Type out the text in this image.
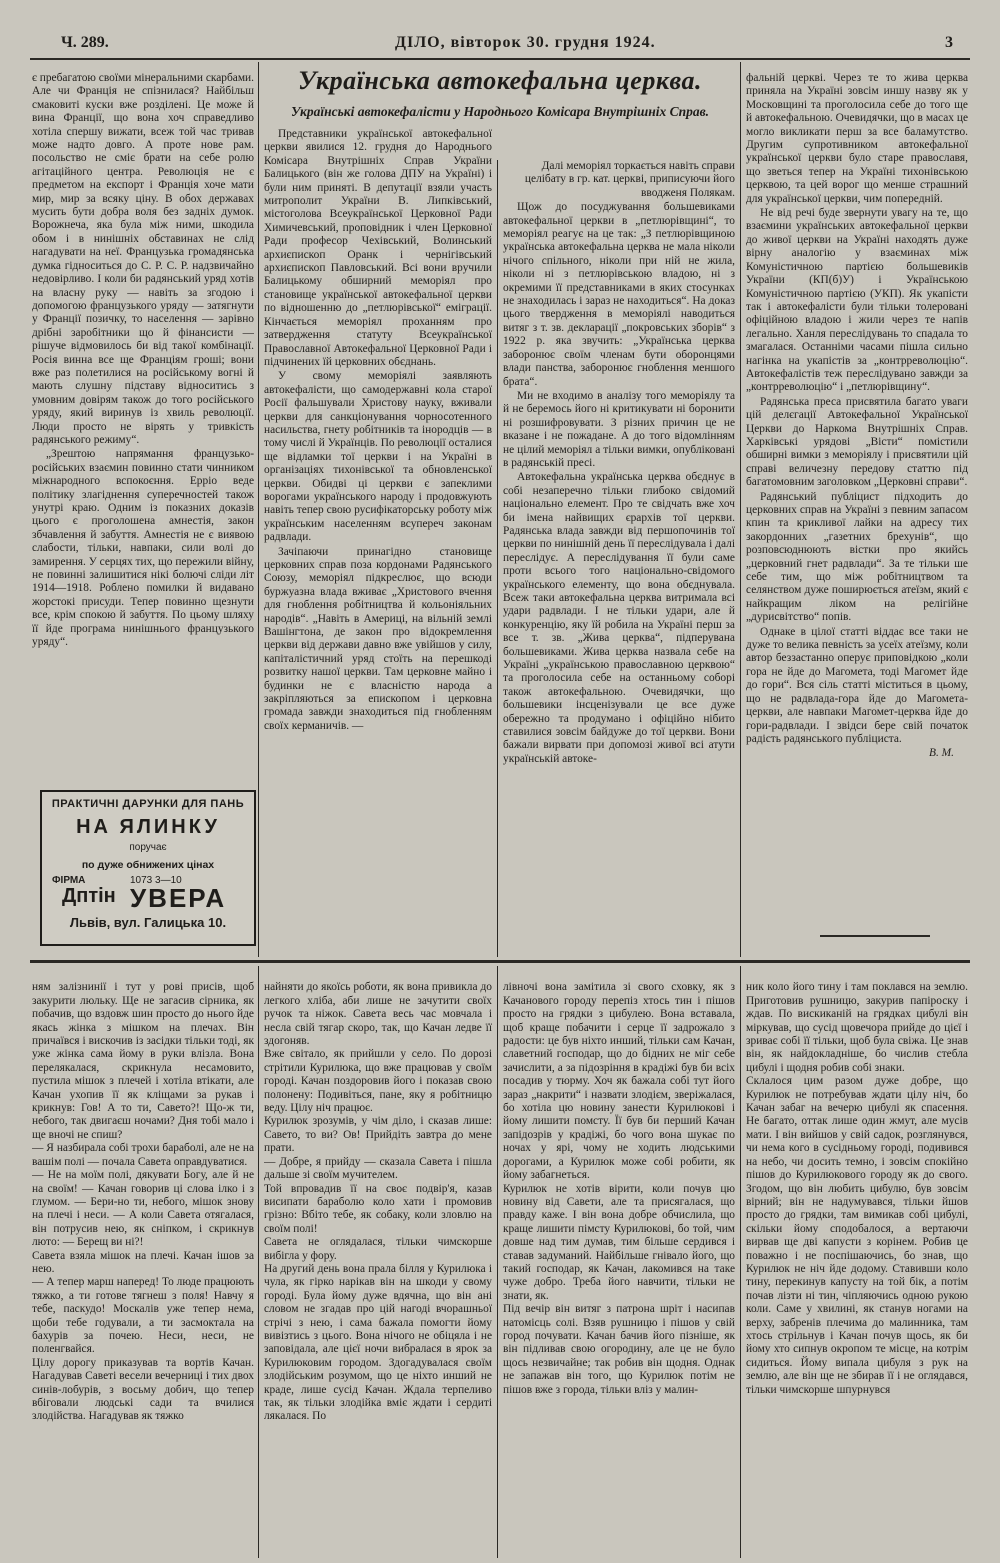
Ч. 289.	ДІЛО, вівторок 30. грудня 1924.	3

є пребагатою своїми мінеральними скарбами. Але чи Франція не спізнилася? Найбільш смаковиті куски вже розділені. Це може й вина Франції, що вона хоч справедливо хотіла спершу вижати, всеж той час тривав може надто довго. А проте нове рам. посольство не сміє брати на себе ролю агітаційного центра. Революція не є предметом на експорт і Франція хоче мати мир, мир за всяку ціну. В обох державах мусить бути добра воля без задніх думок. Ворожнеча, яка була між ними, шкодила обом і в нинішніх обставинах не слід нагадувати на неї. Французька громадянська думка гідноситься до С. Р. С. Р. надзвичайно недовірливо. І коли би радянський уряд хотів на власну руку — навіть за згодою і допомогою французького уряду — затягнути у Франції позичку, то населення — зарівно дрібні заробітники що й фінансисти — рішуче відмовилось би від такої комбінації. Росія винна все ще Франціям гроші; вони вже раз полетилися на російському вогні й мають слушну підставу відноситись з умовним довірям також до того російського уряду, який виринув із хвиль революції. Люди просто не вірять у тривкість радянського режиму“.

„Зрештою напрямання французько-російських взаємин повинно стати чинником міжнародного вспокоєння. Ерріо веде політику злагіднення суперечностей також унутрі краю. Одним із показних доказів цього є проголошена амнестія, закон збчавлення й забуття. Амнестія не є виявою слабости, тільки, навпаки, сили волі до замирення. У серцях тих, що пережили війну, не повинні залишитися нікі болючі сліди літ 1914—1918. Роблено помилки й видавано жорстокі присуди. Тепер повинно щезнути все, крім спокою й забуття. По цьому шляху її йде програма нинішнього французького уряду“.

ПРАКТИЧНІ ДАРУНКИ ДЛЯ ПАНЬ
НА ЯЛИНКУ
поручає
по дуже обнижених цінах
ФІРМА
Дптін
1073 3—10
УВЕРА
Львів, вул. Галицька 10.
Українська автокефальна церква.
Українські автокефалісти у Народнього Комісара Внутрішніх Справ.

Представники української автокефальної церкви явилися 12. грудня до Народнього Комісара Внутрішніх Справ України Балицького (він же голова ДПУ на Україні) і були ним приняті. В депутації взяли участь митрополит України В. Липківський, містоголова Всеукраїнської Церковної Ради Химичевський, проповідник і член Церковної Ради професор Чехівський, Волинський архиєпископ Оранк і чернігівський архиєпископ Павловський. Всі вони вручили Балицькому обширний меморіял про становище української автокефальної церкви по відношенню до „петлюрівської“ еміграції. Кінчається меморіял проханням про затвердження статуту Всеукраїнської Православної Автокефальної Церковної Ради і підчинених їй церковних обєднань.

У свому меморіялі заявляють автокефалісти, що самодержавні кола старої Росії фальшували Христову науку, вживали церкви для санкціонування чорносотенного насильства, гнету робітників та інородців — в тому числі й Українців. По революції осталися ще відламки тої церкви і на Україні в організаціях тихонівської та обновленської церкви. Обидві ці церкви є запеклими ворогами українського народу і продовжують навіть тепер свою русифікаторську роботу між українським населенням всупереч законам радвлади.

Зачіпаючи принагідно становище церковних справ поза кордонами Радянського Союзу, меморіял підкреслює, що всюди буржуазна влада вживає „Христового вчення для гноблення робітництва й кольоніяльних народів“. „Навіть в Америці, на вільній землі Вашінгтона, де закон про відокремлення церкви від держави давно вже увійшов у силу, капіталістичний уряд стоїть на перешкоді розвитку нашої церкви. Там церковне майно і будинки не є власністю народа а закріпляються за епископом і церковна громада завжди знаходиться під гнобленням своїх керманичів. —

Далі меморіял торкається навіть справи целібату в гр. кат. церкві, приписуючи його вводженя Полякам.

Щож до посуджування большевиками автокефальної церкви в „петлюрівщині“, то меморіял реагує на це так: „З петлюрівщиною українська автокефальна церква не мала ніколи нічого спільного, ніколи при ній не жила, ніколи ні з петлюрівською владою, ні з окремими її представниками в яких стосунках не знаходилась і зараз не находиться“. На доказ цього твердження в меморіялі наводиться витяг з т. зв. декларації „покровських зборів“ з 1922 р. яка звучить: „Українська церква заборонює своїм членам бути оборонцями влади панства, заборонює гноблення меншого брата“.

Ми не входимо в аналізу того меморіялу та й не беремось його ні критикувати ні боронити ні розшифровувати. З різних причин це не вказане і не пожадане. А до того відомлінням не цілий меморіял а тільки вимки, опубліковані в радянській пресі.

Автокефальна українська церква обєднує в собі незаперечно тільки глибоко свідомий національно елемент. Про те свідчать вже хоч би імена найвищих єрархів тої церкви. Радянська влада завжди від першопочинів тої церкви по нинішній день її переслідувала і далі переслідує. А переслідування її були саме проти всього того національно-свідомого українського елементу, що вона обєднувала. Всеж таки автокефальна церква витримала всі удари радвлади. І не тільки удари, але й конкуренцію, яку їй робила на Україні перш за все т. зв. „Жива церква“, підперувана большевиками. Жива церква назвала себе на Україні „українською православною церквою“ та проголосила себе на останньому соборі також автокефальною. Очевидячки, що большевики інсценізували це все дуже обережно та продумано і офіційно нібито ставилися зовсім байдуже до тої церкви. Вони бажали вирвати при допомозі живої всі атути українській автоке-

фальній церкві. Через те то жива церква приняла на Україні зовсім иншу назву як у Московщині та проголосила себе до того ще й автокефальною. Очевидячки, що в масах це могло викликати перш за все баламутство. Другим супротивником автокефальної української церкви було старе православя, що зветься тепер на Україні тихонівською церквою, та цей ворог що менше страшний для української церкви, чим попередній.

Не від речі буде звернути увагу на те, що взаємини українських автокефальної церкви до живої церкви на Україні находять дуже вірну аналогію у взаєминах між Комуністичною партією большевиків України (КП(б)У) і Українською Комуністичною партією (УКП). Як укапісти так і автокефалісти були тільки толеровані офіційною владою і жили через те напів легально. Ханля переслідувань то спадала то змагалася. Останніми часами пішла сильно нагінка на укапістів за „контрреволюцію“. Автокефалістів теж переслідувано завжди за „контрреволюцію“ і „петлюрівщину“.

Радянська преса присвятила багато уваги цій делєгації Автокефальної Української Церкви до Наркома Внутрішніх Справ. Харківські урядові „Вісти“ помістили обширні вимки з меморіялу і присвятили цій справі величезну передову статтю під багатомовним заголовком „Церковні справи“.

Радянський публіцист підходить до церковних справ на Україні з певним запасом кпин та крикливої лайки на адресу тих закордонних „газетних брехунів“, що розповсюднюють вістки про якийсь „церковний гнет радвлади“. За те тільки ше себе тим, що між робітництвом та селянством дуже поширюється атеїзм, який є найкращим ліком на релігійне „дурисвітство“ попів.

Однаке в цілої статті віддає все таки не дуже то велика певність за усеїх атеїзму, коли автор беззастанно оперує приповідкою „коли гора не йде до Магомета, тоді Магомет йде до гори“. Вся сіль статті міститься в цьому, що не радвлада-гора йде до Магомета-церкви, але навпаки Магомет-церква йде до гори-радвлади. І звідси бере свій початок радість радянського публіциста.

В. М.

ням залізнинії і тут у рові присів, щоб закурити люльку. Ще не загасив сірника, як побачив, що вздовж шин просто до нього йде якась жінка з мішком на плечах. Він причаївся і вискочив із засідки тільки тоді, як уже жінка сама йому в руки влізла. Вона перелякалася, скрикнула несамовито, пустила мішок з плечей і хотіла втікати, але Качан ухопив її як кліщами за рукав і крикнув: Гов! А то ти, Савето?! Що-ж ти, небого, так двигаєш ночами? Дня тобі мало і ще вночі не спиш?
— Я назбирала собі трохи бараболі, але не на вашім полі — почала Савета оправдуватися.
— Не на моїм полі, дякувати Богу, але й не на своїм! — Качан говорив ці слова ілко і з глумом. — Бери-но ти, небого, мішок знову на плечі і неси. — А коли Савета отягалася, він потрусив нею, як сніпком, і скрикнув лютo: — Берещ ви ні?!
Савета взяла мішок на плечі. Качан ішов за нею.
— А тепер марш наперед! То люде працюють тяжко, а ти готове тягнеш з поля! Навчу я тебе, паскудо! Москалів уже тепер нема, щоби тебе годували, а ти засмоктала на бахурів за почею. Неси, неси, не поленгвайся.
Цілу дорогу приказував та вортів Качан. Нагадував Саветі весели вечерниці і тих двох синів-лобурів, з восьму добич, що тепер вбіговали людські сади та вчилися злодійства. Нагадував як тяжко

найняти до якоїсь роботи, як вона привикла до легкого хліба, аби лише не зачутити своїх ручок та ніжок. Савета весь час мовчала і несла свій тягар скоро, так, що Качан ледве її здогоняв.
Вже світало, як прийшли у село. По дорозі стрітили Курилюка, що вже працював у своїм городі. Качан поздоровив його і показав свою полонену: Подивіться, пане, яку я робітницю веду. Цілу ніч працює.
Курилюк зрозумів, у чім діло, і сказав лише: Савето, то ви? Ов! Прийдіть завтра до мене прати.
— Добре, я прийду — сказала Савета і пішла дальше зі своїм мучителем.
Той впровадив її на своє подвір'я, казав висипати бараболю коло хати і промовив грізно: Вбіто тебе, як собаку, коли зловлю на своїм полі!
Савета не оглядалася, тільки чимскорше вибігла у фору.
На другий день вона прала білля у Курилюка і чула, як гірко нарікав він на шкоди у свому городі. Була йому дуже вдячна, що він ані словом не згадав про цій нагоді вчорашньої стрічі з нею, і сама бажала помогти йому вивізтись з цього. Вона нічого не обіцяла і не заповідала, але цієї ночи вибралася в ярок за Курилюковим городом. Здогадувалася своїм злодійським розумом, що це ніхто инший не краде, лише сусід Качан. Ждала терпеливо так, як тільки злодійка вміє ждати і сердиті лякалася. По

лівночі вона замітила зі свого сховку, як з Качанового городу перепіз хтось тин і пішов просто на грядки з цибулею. Вона вставала, щоб краще побачити і серце її задрожало з радости: це був ніхто инший, тільки сам Качан, славетний господар, що до бідних не міг себе зачислити, а за підозріння в крадіжі був би всіх посадив у тюрму. Хоч як бажала собі тут його зараз „накрити“ і назвати злодієм, зверіжалася, бо хотіла цю новину занести Курилюкові і йому лишити помсту. Її був би перший Качан запідозрів у крадіжі, бо чого вона шукає по ночах у ярі, чому не ходить людськими дорогами, а Курилюк може собі робити, як йому забагнеться.
Курилюк не хотів вірити, коли почув цю новину від Савети, але та присягалася, що правду каже. І він вона добре обчислила, що краще лишити пімсту Курилюкові, бо той, чим довше над тим думав, тим більше сердився і ставав задуманий. Найбільше гнівало його, що такий господар, як Качан, лакомився на таке чуже добро. Треба його навчити, тільки не знати, як.
Під вечір він витяг з патрона шріт і насипав натомісць солі. Взяв рушницю і пішов у свій город почувати. Качан бачив його пізніше, як він підливав свою огородину, але це не було щось незвичайне; так робив він щодня. Однак не запажав він того, що Курилюк потім не пішов вже з города, тільки вліз у малин-

ник коло його тину і там поклався на землю. Приготовив рушницю, закурив папіроску і ждав. По вискиканій на грядках цибулі він міркував, що сусід щовечора прийде до цієї і зриває собі її тільки, щоб була свіжа. Це знав він, як найдокладніше, бо числив стебла цибулі і щодня робив собі знаки.
Склалося цим разом дуже добре, що Курилюк не потребував ждати цілу ніч, бо Качан забаг на вечерю цибулі як спасення. Не багато, оттак лише один жмут, але мусів мати. І він вийшов у свій садок, розглянувся, чи нема кого в сусідньому городі, подивився на небо, чи досить темно, і зовсім спокійно пішов до Курилюкового городу як до свого. Згодом, що він любить цибулю, був зовсім вірний; він не надумувався, тільки йшов просто до грядки, там вимикав собі цибулі, скільки йому сподобалося, а вертаючи вирвав ще дві капусти з корінем. Робив це поважно і не поспішаючись, бо знав, що Курилюк не ніч йде додому. Ставивши коло тину, перекинув капусту на той бік, а потім почав лізти ні тин, чіпляючись одною рукою коли. Саме у хвилині, як станув ногами на верху, забренів плечима до малинника, там хтось стрільнув і Качан почув щось, як би йому хто сипнув окропом те місце, на котрім сидиться. Йому випала цибуля з рук на землю, але він ще не збирав її і не оглядався, тільки чимскорше шпурнувся
